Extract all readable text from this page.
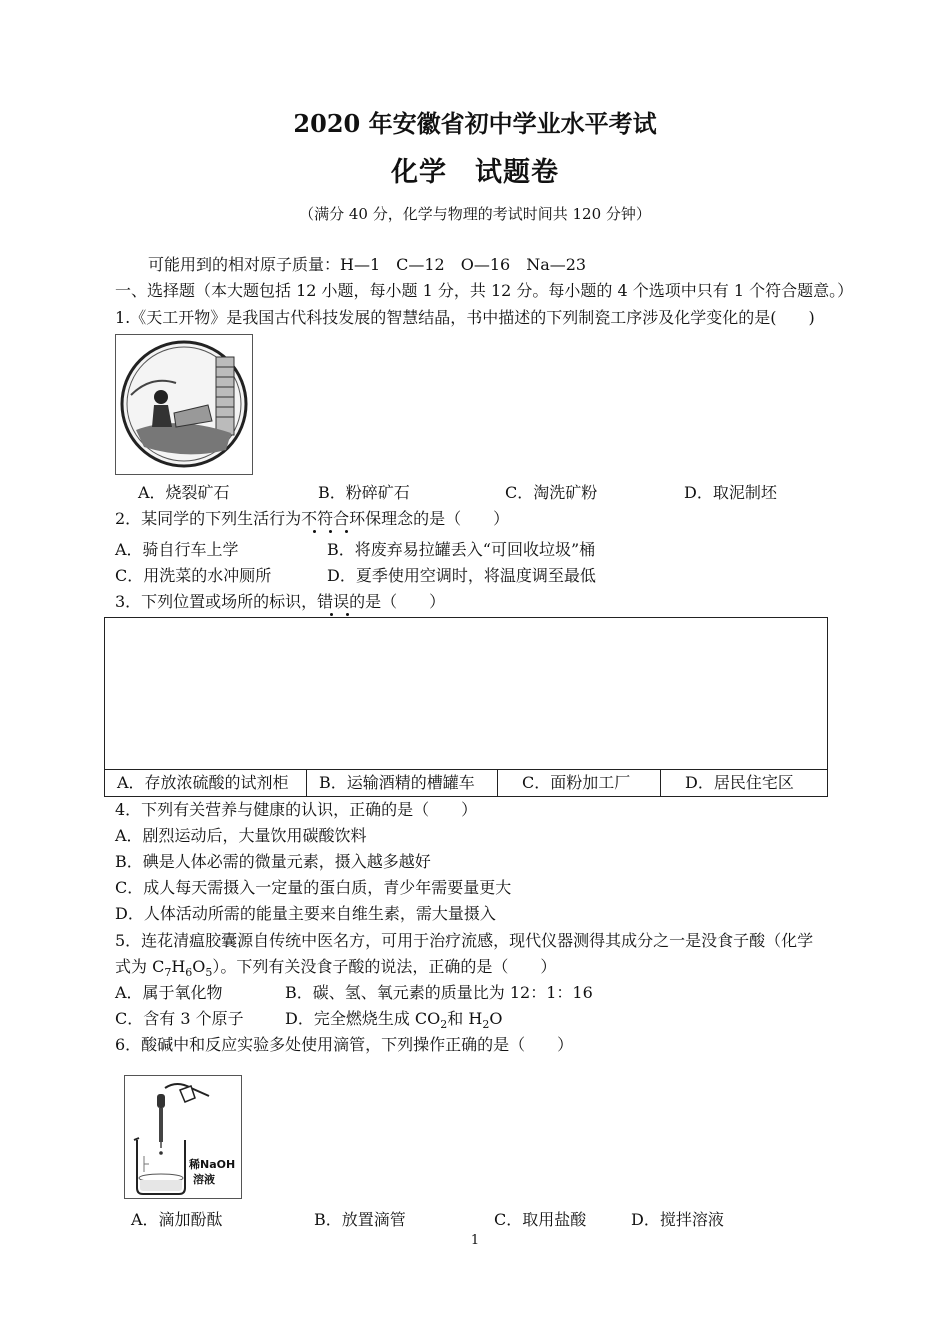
2020 年安徽省初中学业水平考试
化学　试题卷
（满分 40 分，化学与物理的考试时间共 120 分钟）
可能用到的相对原子质量：H—1　C—12　O—16　Na—23
一、选择题（本大题包括 12 小题，每小题 1 分，共 12 分。每小题的 4 个选项中只有 1 个符合题意。）
1.《天工开物》是我国古代科技发展的智慧结晶，书中描述的下列制瓷工序涉及化学变化的是(　　)
A．烧裂矿石	B．粉碎矿石	C．淘洗矿粉	D．取泥制坯
2．某同学的下列生活行为不符合环保理念的是（　　）
A．骑自行车上学	B．将废弃易拉罐丢入“可回收垃圾”桶
C．用洗菜的水冲厕所	D．夏季使用空调时，将温度调至最低
3．下列位置或场所的标识，错误的是（　　）
A．存放浓硫酸的试剂柜	B．运输酒精的槽罐车	C．面粉加工厂	D．居民住宅区
4．下列有关营养与健康的认识，正确的是（　　）
A．剧烈运动后，大量饮用碳酸饮料
B．碘是人体必需的微量元素，摄入越多越好
C．成人每天需摄入一定量的蛋白质，青少年需要量更大
D．人体活动所需的能量主要来自维生素，需大量摄入
5．连花清瘟胶囊源自传统中医名方，可用于治疗流感，现代仪器测得其成分之一是没食子酸（化学
式为 $C_7H_6O_5$）。下列有关没食子酸的说法，正确的是（　　）
A．属于氧化物	B．碳、氢、氧元素的质量比为 12：1：16
C．含有 3 个原子	D．完全燃烧生成 $CO_2$和 $H_2O$
6．酸碱中和反应实验多处使用滴管，下列操作正确的是（　　）
稀NaOH
溶液
A．滴加酚酞	B．放置滴管	C．取用盐酸	D．搅拌溶液
1
